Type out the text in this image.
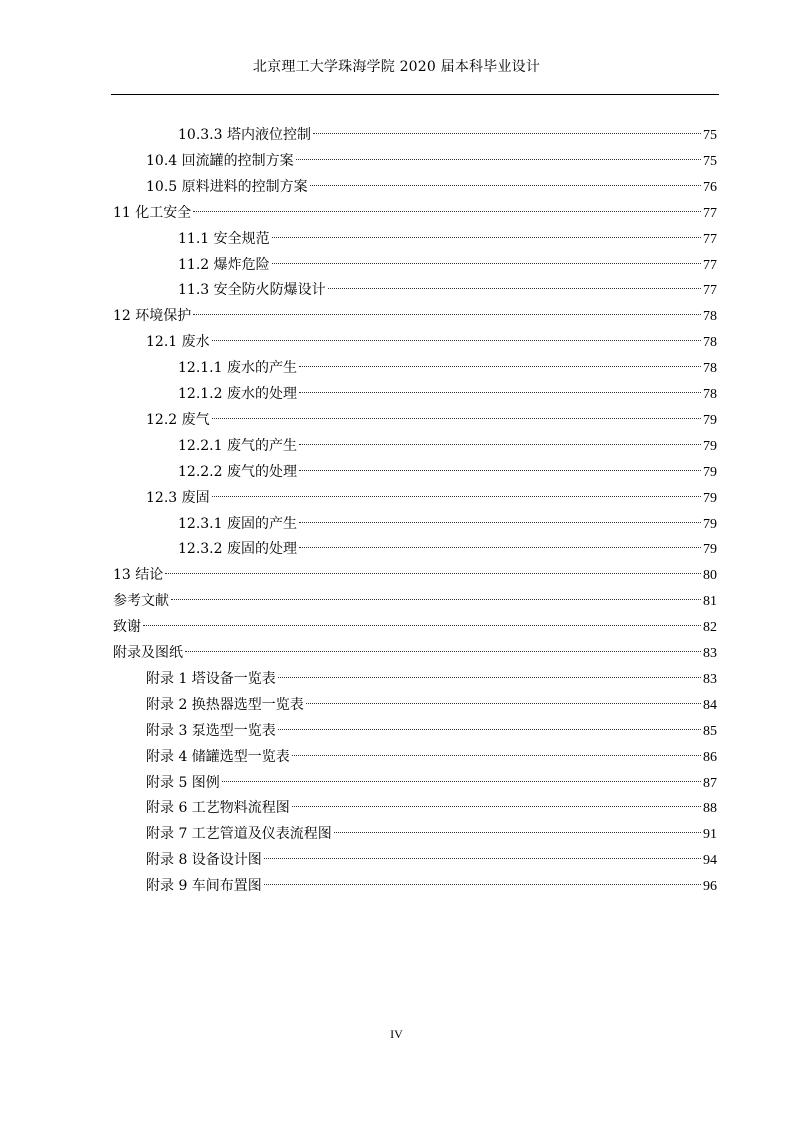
北京理工大学珠海学院 2020 届本科毕业设计
10.3.3 塔内液位控制	75
10.4 回流罐的控制方案	75
10.5 原料进料的控制方案	76
11 化工安全	77
11.1 安全规范	77
11.2 爆炸危险	77
11.3 安全防火防爆设计	77
12 环境保护	78
12.1 废水	78
12.1.1 废水的产生	78
12.1.2 废水的处理	78
12.2 废气	79
12.2.1 废气的产生	79
12.2.2 废气的处理	79
12.3 废固	79
12.3.1 废固的产生	79
12.3.2 废固的处理	79
13 结论	80
参考文献	81
致谢	82
附录及图纸	83
附录 1 塔设备一览表	83
附录 2 换热器选型一览表	84
附录 3 泵选型一览表	85
附录 4 储罐选型一览表	86
附录 5 图例	87
附录 6 工艺物料流程图	88
附录 7 工艺管道及仪表流程图	91
附录 8 设备设计图	94
附录 9 车间布置图	96
IV
